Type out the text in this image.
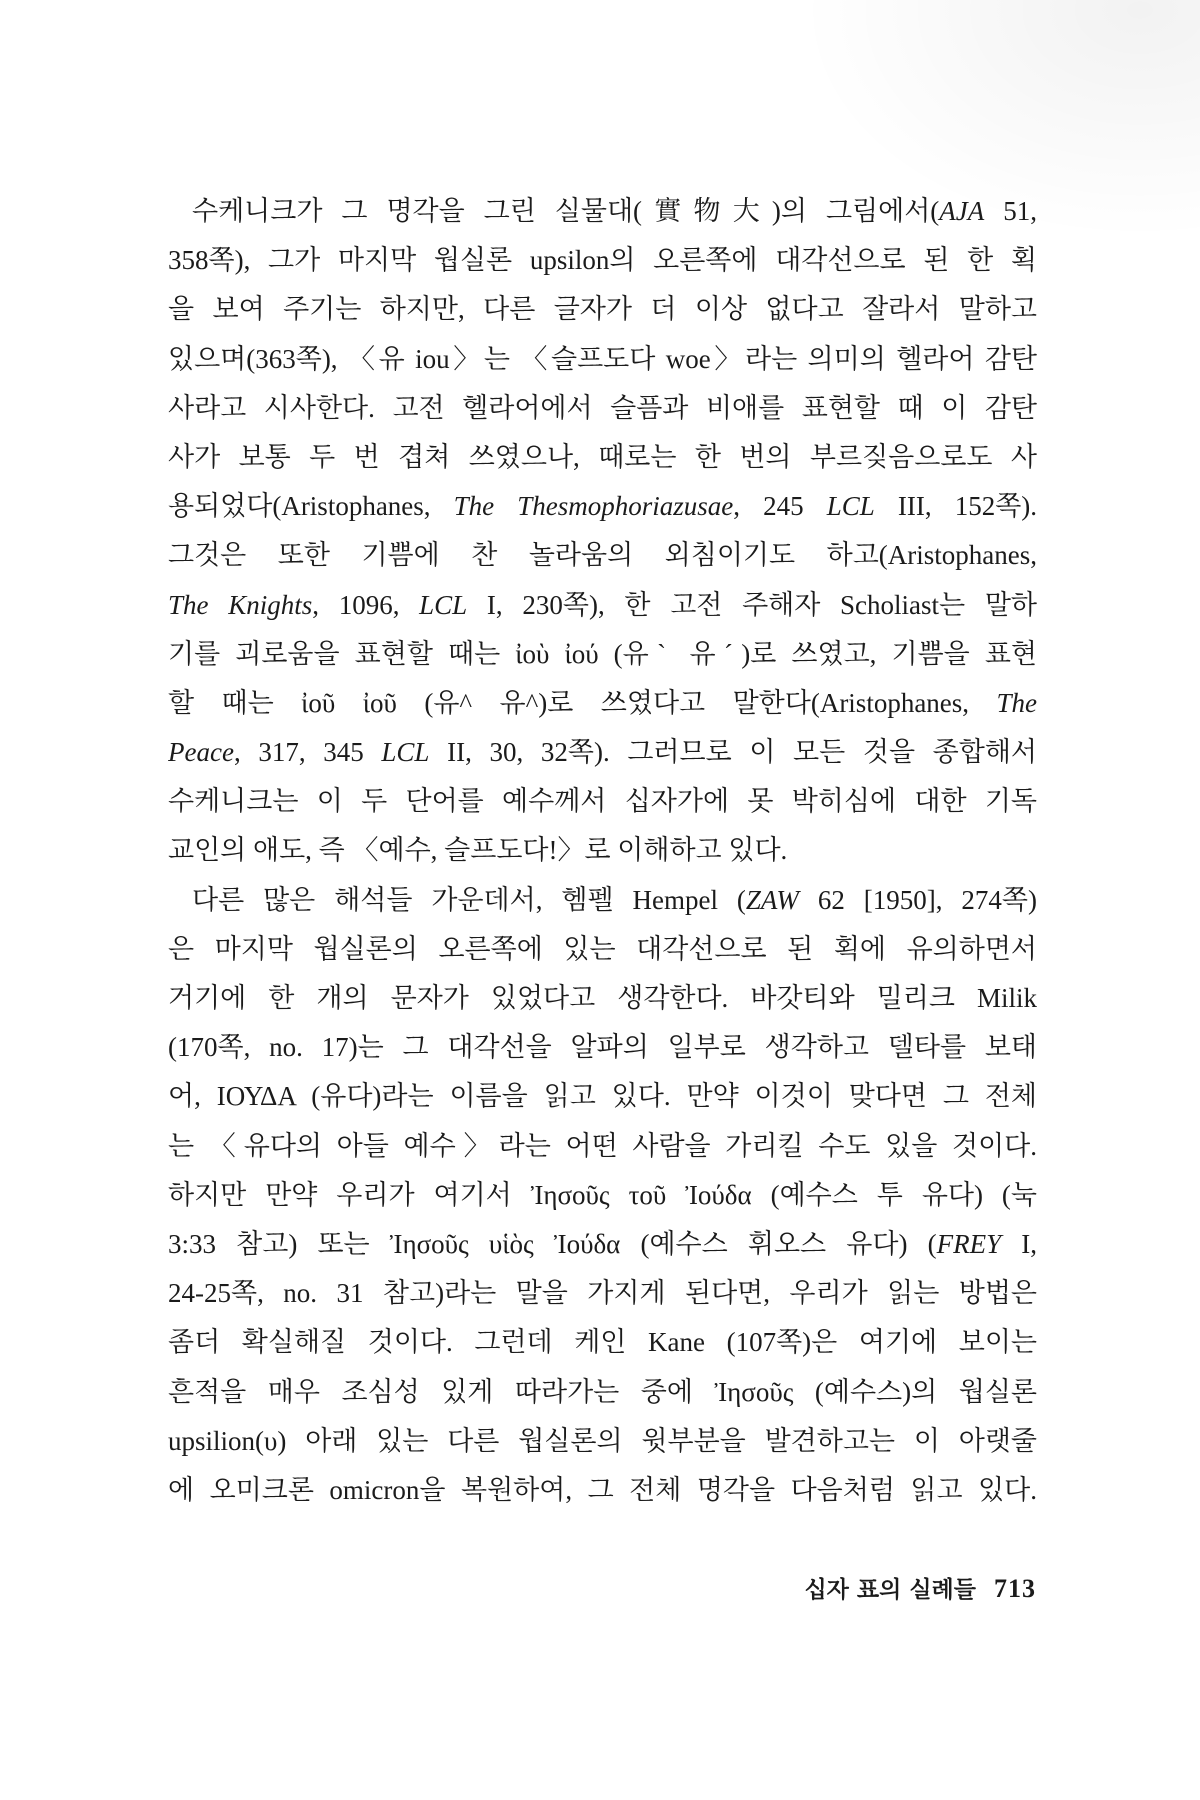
수케니크가 그 명각을 그린 실물대(實物大)의 그림에서(AJA 51,
358쪽), 그가 마지막 웝실론 upsilon의 오른쪽에 대각선으로 된 한 획
을 보여 주기는 하지만, 다른 글자가 더 이상 없다고 잘라서 말하고
있으며(363쪽), 〈유 iou〉는 〈슬프도다 woe〉라는 의미의 헬라어 감탄
사라고 시사한다. 고전 헬라어에서 슬픔과 비애를 표현할 때 이 감탄
사가 보통 두 번 겹쳐 쓰였으나, 때로는 한 번의 부르짖음으로도 사
용되었다(Aristophanes, The Thesmophoriazusae, 245 LCL III, 152쪽).
그것은 또한 기쁨에 찬 놀라움의 외침이기도 하고(Aristophanes,
The Knights, 1096, LCL I, 230쪽), 한 고전 주해자 Scholiast는 말하
기를 괴로움을 표현할 때는 ἰοὺ ἰού (유ˋ 유ˊ)로 쓰였고, 기쁨을 표현
할 때는 ἰοῦ ἰοῦ (유^ 유^)로 쓰였다고 말한다(Aristophanes, The
Peace, 317, 345 LCL II, 30, 32쪽). 그러므로 이 모든 것을 종합해서
수케니크는 이 두 단어를 예수께서 십자가에 못 박히심에 대한 기독
교인의 애도, 즉 〈예수, 슬프도다!〉로 이해하고 있다.
다른 많은 해석들 가운데서, 헴펠 Hempel (ZAW 62 [1950], 274쪽)
은 마지막 웝실론의 오른쪽에 있는 대각선으로 된 획에 유의하면서
거기에 한 개의 문자가 있었다고 생각한다. 바갓티와 밀리크 Milik
(170쪽, no. 17)는 그 대각선을 알파의 일부로 생각하고 델타를 보태
어, ΙΟΥΔΑ (유다)라는 이름을 읽고 있다. 만약 이것이 맞다면 그 전체
는 〈유다의 아들 예수〉라는 어떤 사람을 가리킬 수도 있을 것이다.
하지만 만약 우리가 여기서 Ἰησοῦς τοῦ Ἰούδα (예수스 투 유다) (눅
3:33 참고) 또는 Ἰησοῦς υἱὸς Ἰούδα (예수스 휘오스 유다) (FREY I,
24-25쪽, no. 31 참고)라는 말을 가지게 된다면, 우리가 읽는 방법은
좀더 확실해질 것이다. 그런데 케인 Kane (107쪽)은 여기에 보이는
흔적을 매우 조심성 있게 따라가는 중에 Ἰησοῦς (예수스)의 웝실론
upsilion(υ) 아래 있는 다른 웝실론의 윗부분을 발견하고는 이 아랫줄
에 오미크론 omicron을 복원하여, 그 전체 명각을 다음처럼 읽고 있다.
십자 표의 실례들 713
